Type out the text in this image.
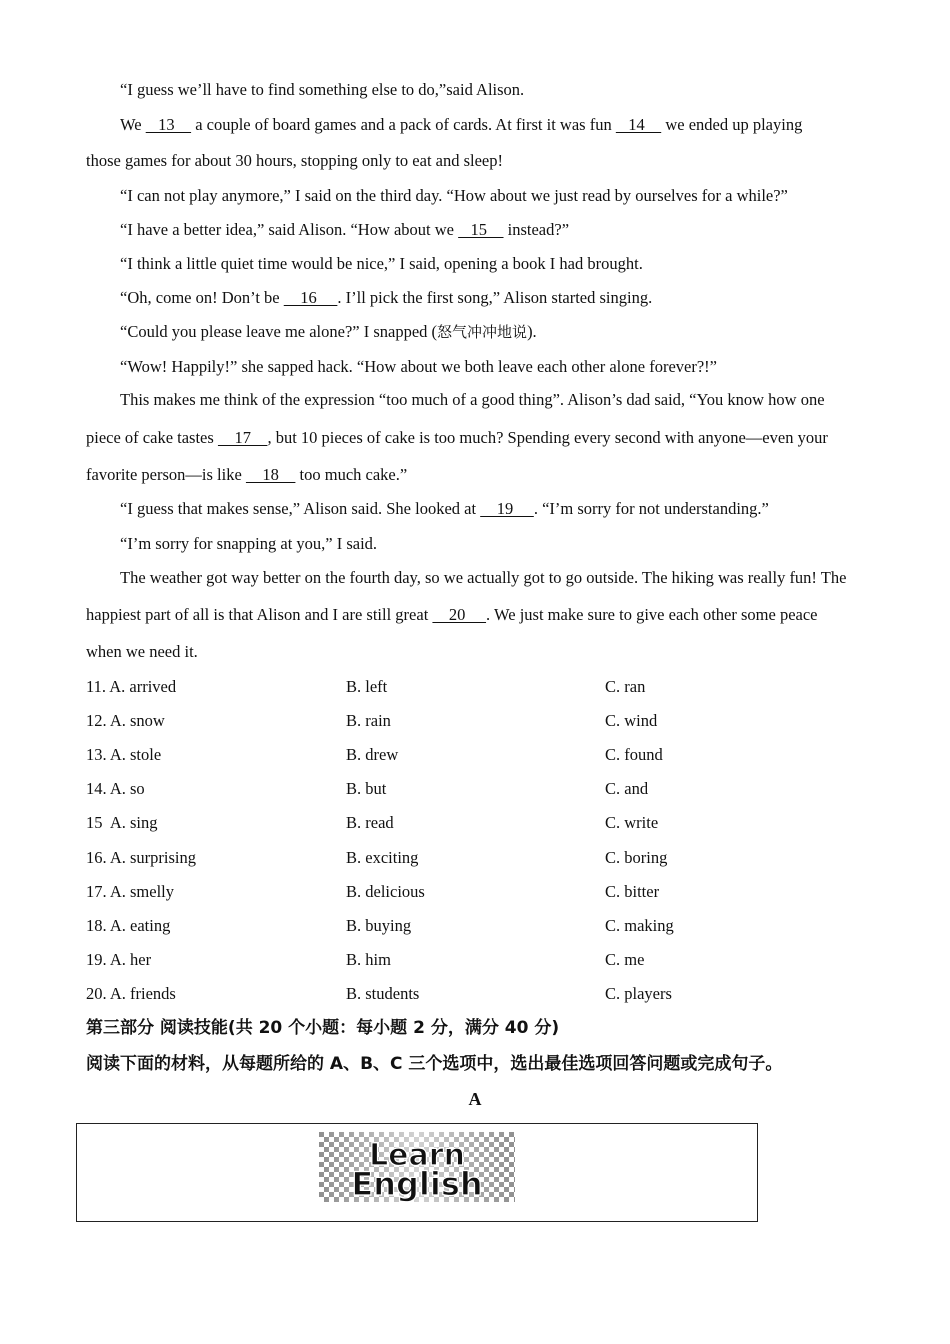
“I guess we’ll have to find something else to do,”said Alison.
We    13     a couple of board games and a pack of cards. At first it was fun    14     we ended up playing
those games for about 30 hours, stopping only to eat and sleep!
“I can not play anymore,” I said on the third day. “How about we just read by ourselves for a while?”
“I have a better idea,” said Alison. “How about we    15     instead?”
“I think a little quiet time would be nice,” I said, opening a book I had brought.
“Oh, come on! Don’t be     16     . I’ll pick the first song,” Alison started singing.
“Could you please leave me alone?” I snapped (怒气冲冲地说).
“Wow! Happily!” she sapped hack. “How about we both leave each other alone forever?!”
This makes me think of the expression “too much of a good thing”. Alison’s dad said, “You know how one
piece of cake tastes     17    , but 10 pieces of cake is too much? Spending every second with anyone—even your
favorite person—is like     18     too much cake.”
“I guess that makes sense,” Alison said. She looked at     19     . “I’m sorry for not understanding.”
“I’m sorry for snapping at you,” I said.
The weather got way better on the fourth day, so we actually got to go outside. The hiking was really fun! The
happiest part of all is that Alison and I are still great     20     . We just make sure to give each other some peace
when we need it.
11. A. arrived	B. left	C. ran
12. A. snow	B. rain	C. wind
13. A. stole	B. drew	C. found
14. A. so	B. but	C. and
15  A. sing	B. read	C. write
16. A. surprising	B. exciting	C. boring
17. A. smelly	B. delicious	C. bitter
18. A. eating	B. buying	C. making
19. A. her	B. him	C. me
20. A. friends	B. students	C. players
第三部分 阅读技能(共 20 个小题：每小题 2 分，满分 40 分)
阅读下面的材料，从每题所给的 A、B、C 三个选项中，选出最佳选项回答问题或完成句子。
A
Learn
English
